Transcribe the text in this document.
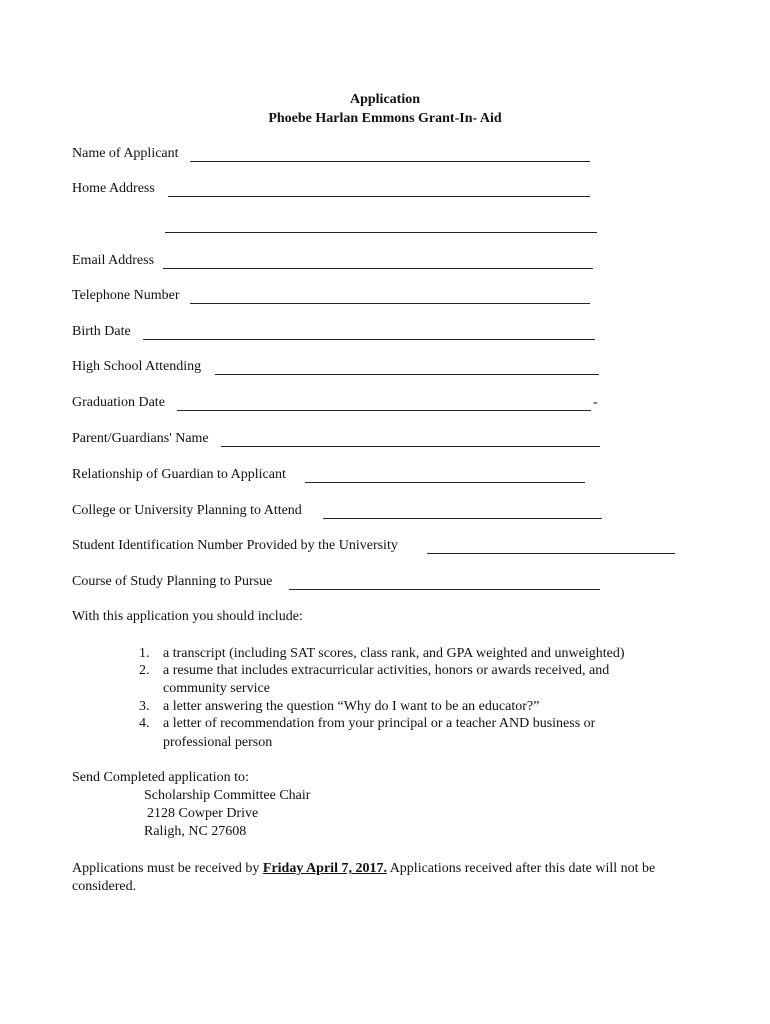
Application
Phoebe Harlan Emmons Grant-In- Aid
Name of Applicant
Home Address
Email Address
Telephone Number
Birth Date
High School Attending
Graduation Date	-
Parent/Guardians' Name
Relationship of Guardian to Applicant
College or University Planning to Attend
Student Identification Number Provided by the University
Course of Study Planning to Pursue
With this application you should include:
1. a transcript (including SAT scores, class rank, and GPA weighted and unweighted)
2. a resume that includes extracurricular activities, honors or awards received, and
community service
3. a letter answering the question “Why do I want to be an educator?”
4. a letter of recommendation from your principal or a teacher AND business or
professional person
Send Completed application to:
Scholarship Committee Chair
2128 Cowper Drive
Raligh, NC 27608
Applications must be received by Friday April 7, 2017. Applications received after this date will not be considered.
